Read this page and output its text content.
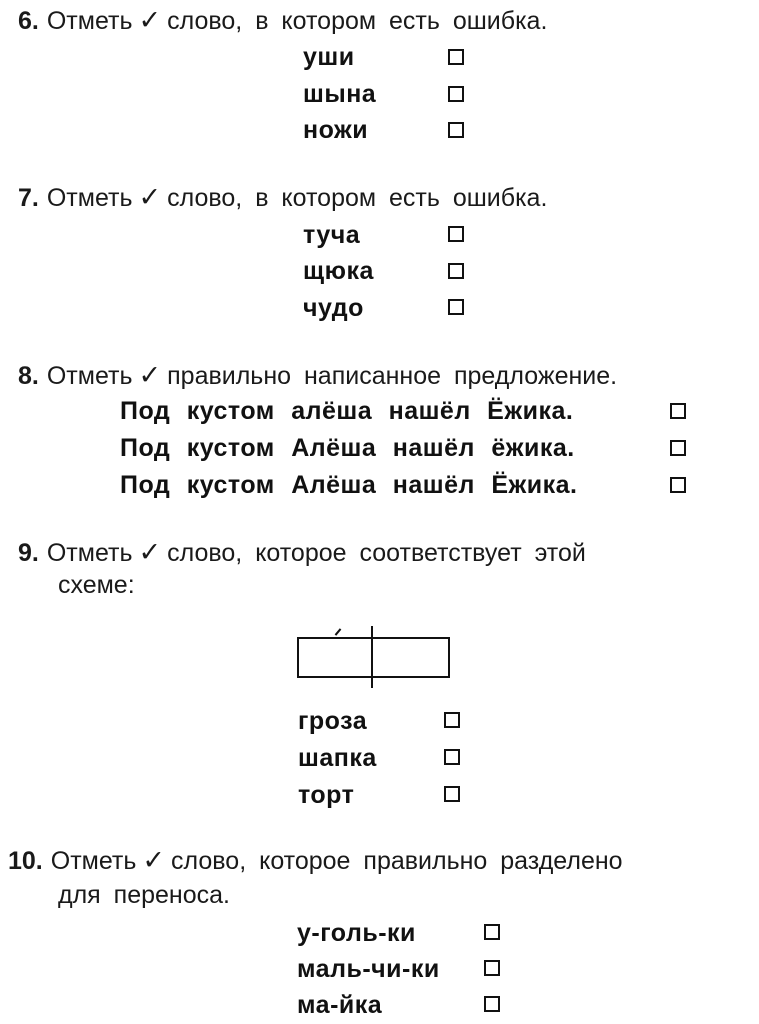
6. Отметь ✓ слово, в котором есть ошибка.
уши
шына
ножи
7. Отметь ✓ слово, в котором есть ошибка.
туча
щюка
чудо
8. Отметь ✓ правильно написанное предложение.
Под кустом алёша нашёл Ёжика.
Под кустом Алёша нашёл ёжика.
Под кустом Алёша нашёл Ёжика.
9. Отметь ✓ слово, которое соответствует этой
схеме:
гроза
шапка
торт
10. Отметь ✓ слово, которое правильно разделено
для переноса.
у-голь-ки
маль-чи-ки
ма-йка
